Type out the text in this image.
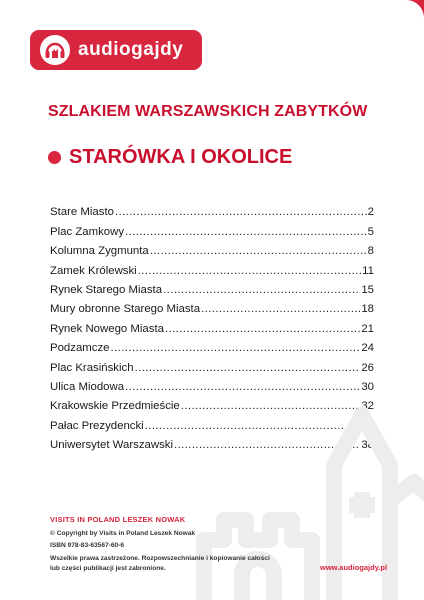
audiogajdy
SZLAKIEM WARSZAWSKICH ZABYTKÓW
STARÓWKA I OKOLICE
Stare Miasto .....	2
Plac Zamkowy .....	5
Kolumna Zygmunta .....	8
Zamek Królewski .....	11
Rynek Starego Miasta .....	15
Mury obronne Starego Miasta .....	18
Rynek Nowego Miasta .....	21
Podzamcze .....	24
Plac Krasińskich .....	26
Ulica Miodowa .....	30
Krakowskie Przedmieście .....	32
Pałac Prezydencki .....	35
Uniwersytet Warszawski .....	38
VISITS IN POLAND LESZEK NOWAK
© Copyright by Visits in Poland Leszek Nowak
ISBN 978-83-63567-60-6
Wszelkie prawa zastrzeżone. Rozpowszechnianie i kopiowanie całości
lub części publikacji jest zabronione.	www.audiogajdy.pl
